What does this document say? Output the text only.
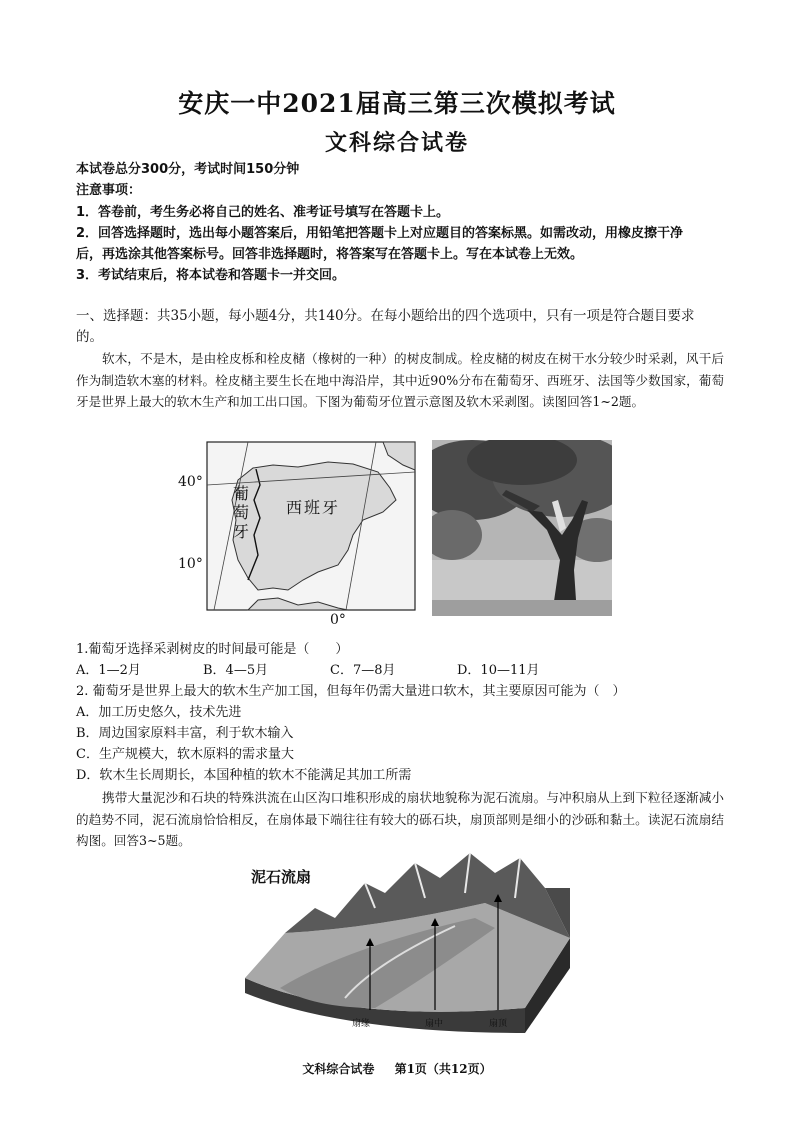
安庆一中2021届高三第三次模拟考试
文科综合试卷
本试卷总分300分，考试时间150分钟
注意事项：
1．答卷前，考生务必将自己的姓名、准考证号填写在答题卡上。
2．回答选择题时，选出每小题答案后，用铅笔把答题卡上对应题目的答案标黑。如需改动，用橡皮擦干净
后，再选涂其他答案标号。回答非选择题时，将答案写在答题卡上。写在本试卷上无效。
3．考试结束后，将本试卷和答题卡一并交回。
一、选择题：共35小题，每小题4分，共140分。在每小题给出的四个选项中，只有一项是符合题目要求
的。
软木，不是木，是由栓皮栎和栓皮槠（橡树的一种）的树皮制成。栓皮槠的树皮在树干水分较少时采剥，风干后作为制造软木塞的材料。栓皮槠主要生长在地中海沿岸，其中近90%分布在葡萄牙、西班牙、法国等少数国家，葡萄牙是世界上最大的软木生产和加工出口国。下图为葡萄牙位置示意图及软木采剥图。读图回答1~2题。
40°
10°
0°
葡
萄
牙
西班牙
1.葡萄牙选择采剥树皮的时间最可能是（　　）
A．1—2月	B．4—5月	C．7—8月	D．10—11月
2. 葡萄牙是世界上最大的软木生产加工国，但每年仍需大量进口软木，其主要原因可能为（　）
A．加工历史悠久，技术先进
B．周边国家原料丰富，利于软木输入
C．生产规模大，软木原料的需求量大
D．软木生长周期长，本国种植的软木不能满足其加工所需
携带大量泥沙和石块的特殊洪流在山区沟口堆积形成的扇状地貌称为泥石流扇。与冲积扇从上到下粒径逐渐减小的趋势不同，泥石流扇恰恰相反，在扇体最下端往往有较大的砾石块，扇顶部则是细小的沙砾和黏土。读泥石流扇结构图。回答3~5题。
泥石流扇
扇缘	扇中	扇顶
文科综合试卷 第1页（共12页）
